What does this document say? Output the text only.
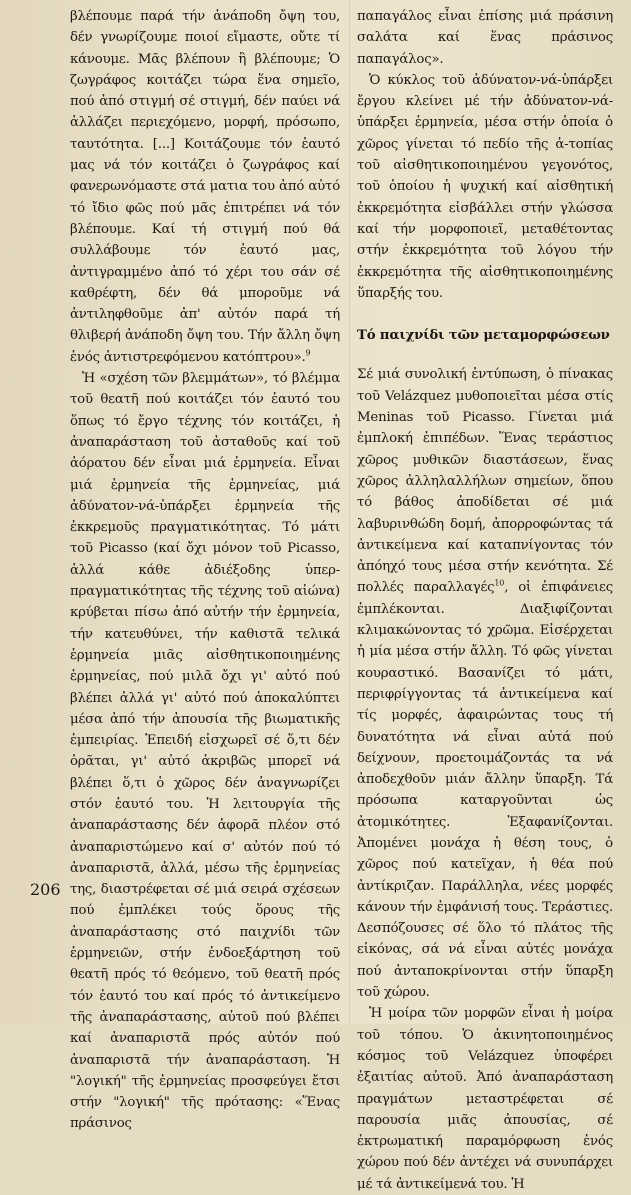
βλέπουμε παρά τήν ἀνάποδη ὄψη του, δέν γνωρίζουμε ποιοί εἴμαστε, οὔτε τί κάνουμε. Μᾶς βλέπουν ἢ βλέπουμε; Ὁ ζωγράφος κοιτάζει τώρα ἕνα σημεῖο, πού ἀπό στιγμή σέ στιγμή, δέν παύει νά ἀλλάζει περιεχόμενο, μορφή, πρόσωπο, ταυτότητα. [...] Κοιτάζουμε τόν ἑαυτό μας νά τόν κοιτάζει ὁ ζωγράφος καί φανερωνόμαστε στά ματια του ἀπό αὐτό τό ἴδιο φῶς πού μᾶς ἐπιτρέπει νά τόν βλέπουμε. Καί τή στιγμή πού θά συλλάβουμε τόν ἑαυτό μας, ἀντιγραμμένο ἀπό τό χέρι του σάν σέ καθρέφτη, δέν θά μποροῦμε νά ἀντιληφθοῦμε ἀπ' αὐτόν παρά τή θλιβερή ἀνάποδη ὄψη του. Τήν ἄλλη ὄψη ἑνός ἀντιστρεφόμενου κατόπτρου».$^9$

Ἡ «σχέση τῶν βλεμμάτων», τό βλέμμα τοῦ θεατῆ πού κοιτάζει τόν ἑαυτό του ὅπως τό ἔργο τέχνης τόν κοιτάζει, ἡ ἀναπαράσταση τοῦ ἀσταθοῦς καί τοῦ ἀόρατου δέν εἶναι μιά ἑρμηνεία. Εἶναι μιά ἑρμηνεία τῆς ἑρμηνείας, μιά ἀδύνατον-νά-ὑπάρξει ἑρμηνεία τῆς ἐκκρεμοῦς πραγματικότητας. Τό μάτι τοῦ Picasso (καί ὄχι μόνον τοῦ Picasso, ἀλλά κάθε ἀδιέξοδης ὑπερ-πραγματικότητας τῆς τέχνης τοῦ αἰώνα) κρύβεται πίσω ἀπό αὐτήν τήν ἑρμηνεία, τήν κατευθύνει, τήν καθιστᾶ τελικά ἑρμηνεία μιᾶς αἰσθητικοποιημένης ἑρμηνείας, πού μιλᾶ ὄχι γι' αὐτό πού βλέπει ἀλλά γι' αὐτό πού ἀποκαλύπτει μέσα ἀπό τήν ἀπουσία τῆς βιωματικῆς ἐμπειρίας. Ἐπειδή εἰσχωρεῖ σέ ὅ,τι δέν ὁρᾶται, γι' αὐτό ἀκριβῶς μπορεῖ νά βλέπει ὅ,τι ὁ χῶρος δέν ἀναγνωρίζει στόν ἑαυτό του. Ἡ λειτουργία τῆς ἀναπαράστασης δέν ἀφορᾶ πλέον στό ἀναπαριστώμενο καί σ' αὐτόν πού τό ἀναπαριστᾶ, ἀλλά, μέσω τῆς ἑρμηνείας της, διαστρέφεται σέ μιά σειρά σχέσεων πού ἐμπλέκει τούς ὅρους τῆς ἀναπαράστασης στό παιχνίδι τῶν ἑρμηνειῶν, στήν ἐνδοεξάρτηση τοῦ θεατῆ πρός τό θεόμενο, τοῦ θεατῆ πρός τόν ἑαυτό του καί πρός τό ἀντικείμενο τῆς ἀναπαράστασης, αὐτοῦ πού βλέπει καί ἀναπαριστᾶ πρός αὐτόν πού ἀναπαριστᾶ τήν ἀναπαράσταση. Ἡ "λογική" τῆς ἑρμηνείας προσφεύγει ἔτσι στήν "λογική" τῆς πρότασης: «Ἕνας πράσινος

παπαγάλος εἶναι ἐπίσης μιά πράσινη σαλάτα καί ἕνας πράσινος παπαγάλος».

Ὁ κύκλος τοῦ ἀδύνατον-νά-ὑπάρξει ἔργου κλείνει μέ τήν ἀδύνατον-νά-ὑπάρξει ἑρμηνεία, μέσα στήν ὁποία ὁ χῶρος γίνεται τό πεδίο τῆς ἀ-τοπίας τοῦ αἰσθητικοποιημένου γεγονότος, τοῦ ὁποίου ἡ ψυχική καί αἰσθητική ἐκκρεμότητα εἰσβάλλει στήν γλώσσα καί τήν μορφοποιεῖ, μεταθέτοντας στήν ἐκκρεμότητα τοῦ λόγου τήν ἐκκρεμότητα τῆς αἰσθητικοποιημένης ὕπαρξής του.

Τό παιχνίδι τῶν μεταμορφώσεων

Σέ μιά συνολική ἐντύπωση, ὁ πίνακας τοῦ Velázquez μυθοποιεῖται μέσα στίς Meninas τοῦ Picasso. Γίνεται μιά ἐμπλοκή ἐπιπέδων. Ἕνας τεράστιος χῶρος μυθικῶν διαστάσεων, ἕνας χῶρος ἀλληλαλλήλων σημείων, ὅπου τό βάθος ἀποδίδεται σέ μιά λαβυρινθώδη δομή, ἀπορροφώντας τά ἀντικείμενα καί καταπνίγοντας τόν ἀπόηχό τους μέσα στήν κενότητα. Σέ πολλές παραλλαγές$^{10}$, οἱ ἐπιφάνειες ἐμπλέκονται. Διαξιφίζονται κλιμακώνοντας τό χρῶμα. Εἰσέρχεται ἡ μία μέσα στήν ἄλλη. Τό φῶς γίνεται κουραστικό. Βασανίζει τό μάτι, περιφρίγγοντας τά ἀντικείμενα καί τίς μορφές, ἀφαιρώντας τους τή δυνατότητα νά εἶναι αὐτά πού δείχνουν, προετοιμάζοντάς τα νά ἀποδεχθοῦν μιάν ἄλλην ὕπαρξη. Τά πρόσωπα καταργοῦνται ὡς ἀτομικότητες. Ἐξαφανίζονται. Ἀπομένει μονάχα ἡ θέση τους, ὁ χῶρος πού κατεῖχαν, ἡ θέα πού ἀντίκριζαν. Παράλληλα, νέες μορφές κάνουν τήν ἐμφάνισή τους. Τεράστιες. Δεσπόζουσες σέ ὅλο τό πλάτος τῆς εἰκόνας, σά νά εἶναι αὐτές μονάχα πού ἀνταποκρίνονται στήν ὕπαρξη τοῦ χώρου.

Ἡ μοίρα τῶν μορφῶν εἶναι ἡ μοίρα τοῦ τόπου. Ὁ ἀκινητοποιημένος κόσμος τοῦ Velázquez ὑποφέρει ἐξαιτίας αὐτοῦ. Ἀπό ἀναπαράσταση πραγμάτων μεταστρέφεται σέ παρουσία μιᾶς ἀπουσίας, σέ ἐκτρωματική παραμόρφωση ἑνός χώρου πού δέν ἀντέχει νά συνυπάρχει μέ τά ἀντικείμενά του. Ἡ

206
